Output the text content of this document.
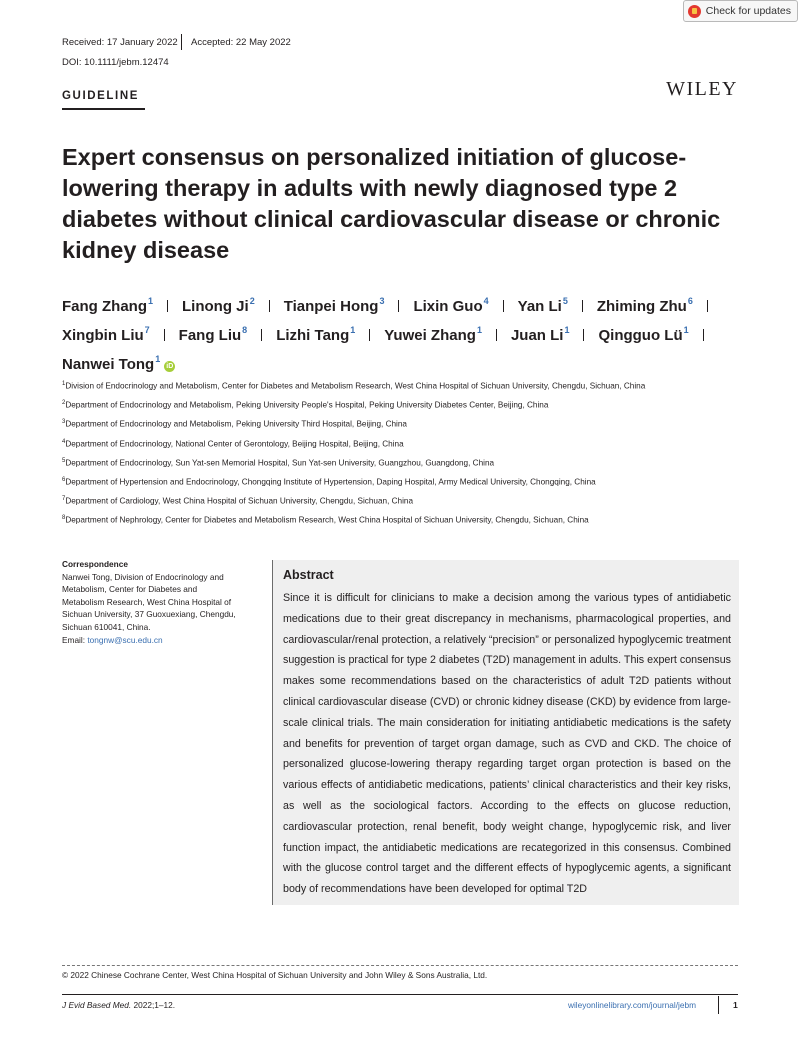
Check for updates
Received: 17 January 2022 Accepted: 22 May 2022
DOI: 10.1111/jebm.12474
GUIDELINE	WILEY
Expert consensus on personalized initiation of glucose-lowering therapy in adults with newly diagnosed type 2 diabetes without clinical cardiovascular disease or chronic kidney disease
Fang Zhang$^1$ Linong Ji$^2$ Tianpei Hong$^3$ Lixin Guo$^4$ Yan Li$^5$ Zhiming Zhu$^6$Xingbin Liu$^7$ Fang Liu$^8$ Lizhi Tang$^1$ Yuwei Zhang$^1$ Juan Li$^1$ Qingguo $Lü^1Nanwei$ Tong$^1$iD
$^1$Division of Endocrinology and Metabolism, Center for Diabetes and Metabolism Research, West China Hospital of Sichuan University, Chengdu, Sichuan, China
$^2$Department of Endocrinology and Metabolism, Peking University People's Hospital, Peking University Diabetes Center, Beijing, China
$^3$Department of Endocrinology and Metabolism, Peking University Third Hospital, Beijing, China
$^4$Department of Endocrinology, National Center of Gerontology, Beijing Hospital, Beijing, China
$^5$Department of Endocrinology, Sun Yat-sen Memorial Hospital, Sun Yat-sen University, Guangzhou, Guangdong, China
$^6$Department of Hypertension and Endocrinology, Chongqing Institute of Hypertension, Daping Hospital, Army Medical University, Chongqing, China
$^7$Department of Cardiology, West China Hospital of Sichuan University, Chengdu, Sichuan, China
$^8$Department of Nephrology, Center for Diabetes and Metabolism Research, West China Hospital of Sichuan University, Chengdu, Sichuan, China
Correspondence
Nanwei Tong, Division of Endocrinology and
Metabolism, Center for Diabetes and
Metabolism Research, West China Hospital of
Sichuan University, 37 Guoxuexiang, Chengdu,
Sichuan 610041, China.
Email: tongnw@scu.edu.cn
Abstract

Since it is difficult for clinicians to make a decision among the various types of antidiabetic medications due to their great discrepancy in mechanisms, pharmacological properties, and cardiovascular/renal protection, a relatively “precision” or personalized hypoglycemic treatment suggestion is practical for type 2 diabetes (T2D) management in adults. This expert consensus makes some recommendations based on the characteristics of adult T2D patients without clinical cardiovascular disease (CVD) or chronic kidney disease (CKD) by evidence from large-scale clinical trials. The main consideration for initiating antidiabetic medications is the safety and benefits for prevention of target organ damage, such as CVD and CKD. The choice of personalized glucose-lowering therapy regarding target organ protection is based on the various effects of antidiabetic medications, patients’ clinical characteristics and their key risks, as well as the sociological factors. According to the effects on glucose reduction, cardiovascular protection, renal benefit, body weight change, hypoglycemic risk, and liver function impact, the antidiabetic medications are recategorized in this consensus. Combined with the glucose control target and the different effects of hypoglycemic agents, a significant body of recommendations have been developed for optimal T2D

© 2022 Chinese Cochrane Center, West China Hospital of Sichuan University and John Wiley & Sons Australia, Ltd.
J Evid Based Med. 2022;1–12.	wileyonlinelibrary.com/journal/jebm	1
